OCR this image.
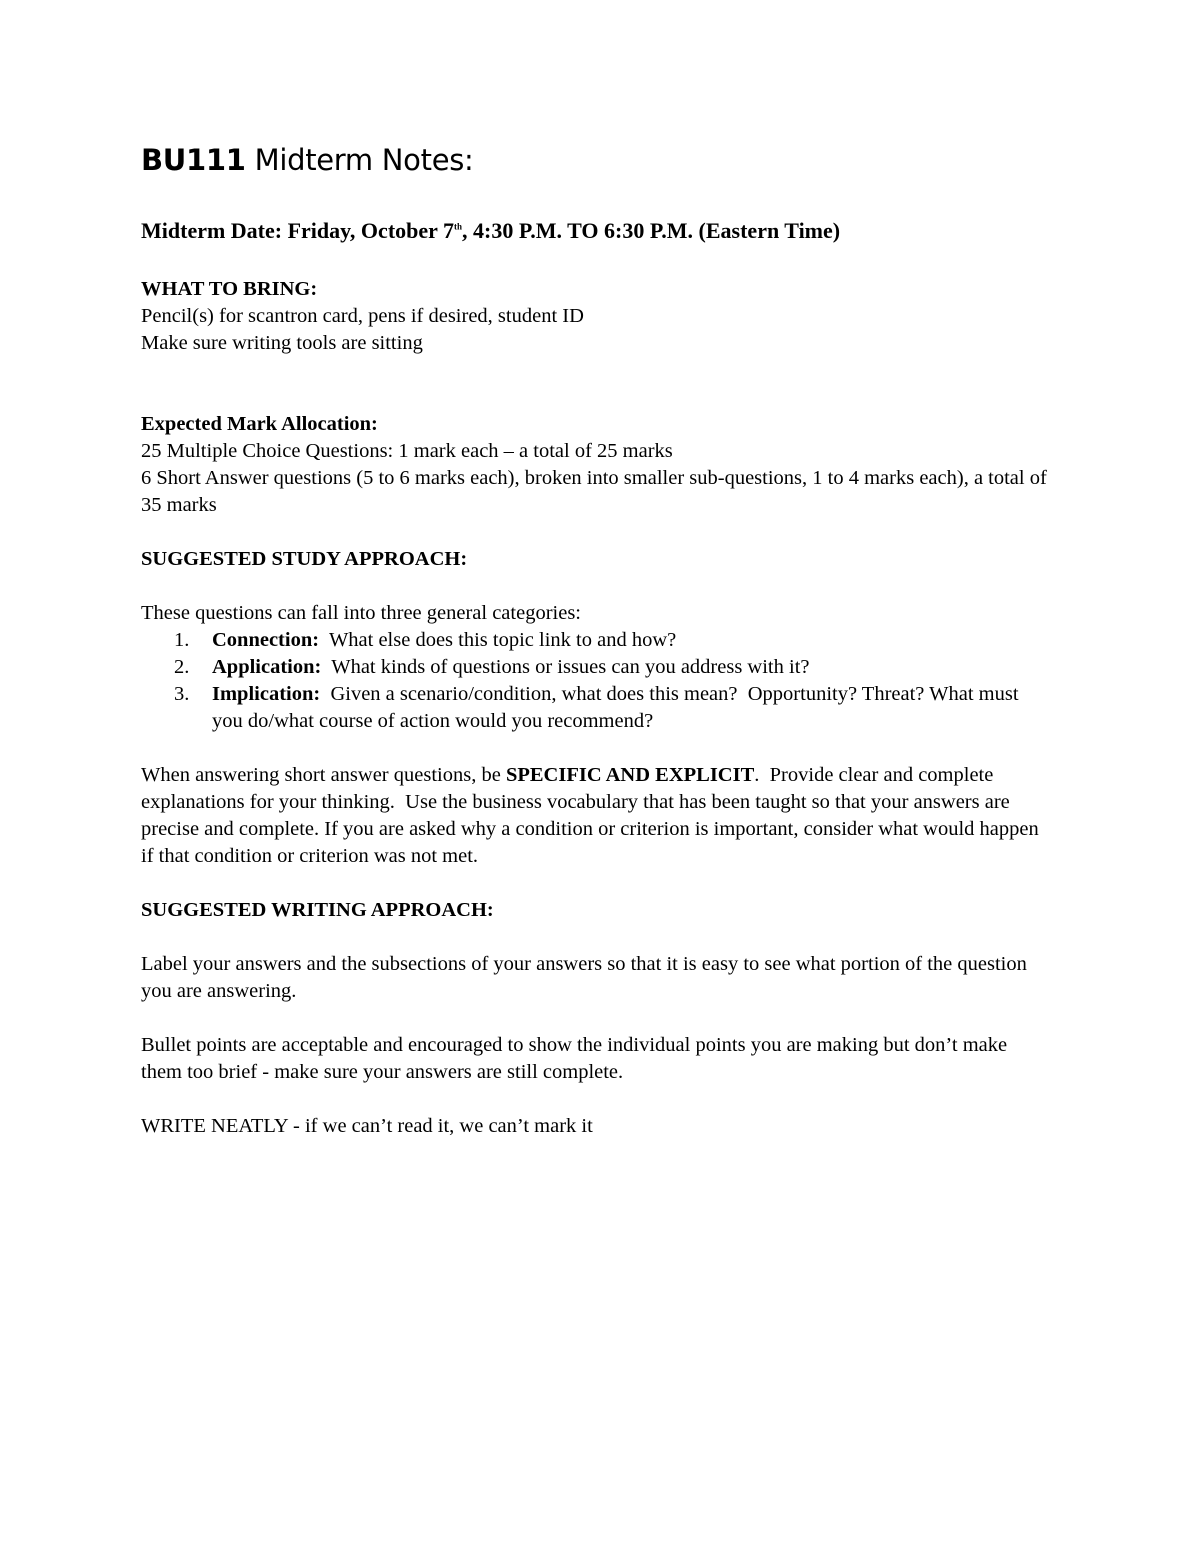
BU111 Midterm Notes:

Midterm Date: Friday, October 7th, 4:30 P.M. TO 6:30 P.M. (Eastern Time)

WHAT TO BRING:

Pencil(s) for scantron card, pens if desired, student ID

Make sure writing tools are sitting

Expected Mark Allocation:

25 Multiple Choice Questions: 1 mark each – a total of 25 marks

6 Short Answer questions (5 to 6 marks each), broken into smaller sub-questions, 1 to 4 marks each), a total of 35 marks

SUGGESTED STUDY APPROACH:

These questions can fall into three general categories:

1. Connection:  What else does this topic link to and how?
2. Application:  What kinds of questions or issues can you address with it?
3. Implication:  Given a scenario/condition, what does this mean?  Opportunity? Threat? What must you do/what course of action would you recommend?

When answering short answer questions, be SPECIFIC AND EXPLICIT.  Provide clear and complete explanations for your thinking.  Use the business vocabulary that has been taught so that your answers are precise and complete. If you are asked why a condition or criterion is important, consider what would happen if that condition or criterion was not met.

SUGGESTED WRITING APPROACH:

Label your answers and the subsections of your answers so that it is easy to see what portion of the question you are answering.

Bullet points are acceptable and encouraged to show the individual points you are making but don’t make them too brief - make sure your answers are still complete.

WRITE NEATLY - if we can’t read it, we can’t mark it
